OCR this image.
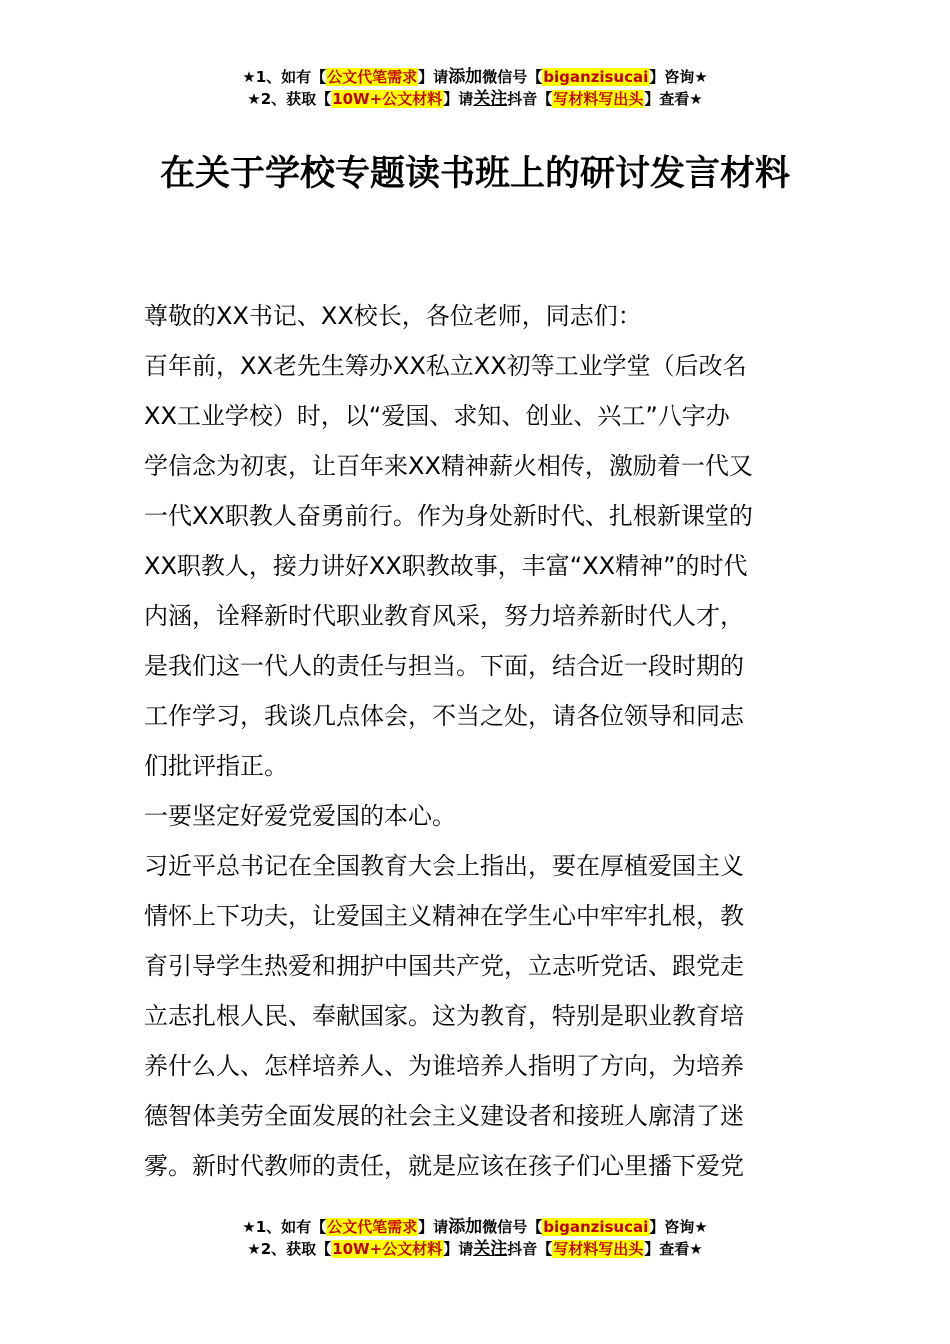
★1、如有【公文代笔需求】请添加微信号【biganzisucai】咨询★
★2、获取【10W+公文材料】请关注抖音【写材料写出头】查看★
在关于学校专题读书班上的研讨发言材料

尊敬的XX书记、XX校长，各位老师，同志们：

百年前，XX老先生筹办XX私立XX初等工业学堂（后改名

XX工业学校）时，以“爱国、求知、创业、兴工”八字办

学信念为初衷，让百年来XX精神薪火相传，激励着一代又

一代XX职教人奋勇前行。作为身处新时代、扎根新课堂的

XX职教人，接力讲好XX职教故事，丰富“XX精神”的时代

内涵，诠释新时代职业教育风采，努力培养新时代人才，

是我们这一代人的责任与担当。下面，结合近一段时期的

工作学习，我谈几点体会，不当之处，请各位领导和同志

们批评指正。

一要坚定好爱党爱国的本心。

习近平总书记在全国教育大会上指出，要在厚植爱国主义

情怀上下功夫，让爱国主义精神在学生心中牢牢扎根，教

育引导学生热爱和拥护中国共产党，立志听党话、跟党走

立志扎根人民、奉献国家。这为教育，特别是职业教育培

养什么人、怎样培养人、为谁培养人指明了方向，为培养

德智体美劳全面发展的社会主义建设者和接班人廓清了迷

雾。新时代教师的责任，就是应该在孩子们心里播下爱党

★1、如有【公文代笔需求】请添加微信号【biganzisucai】咨询★
★2、获取【10W+公文材料】请关注抖音【写材料写出头】查看★
